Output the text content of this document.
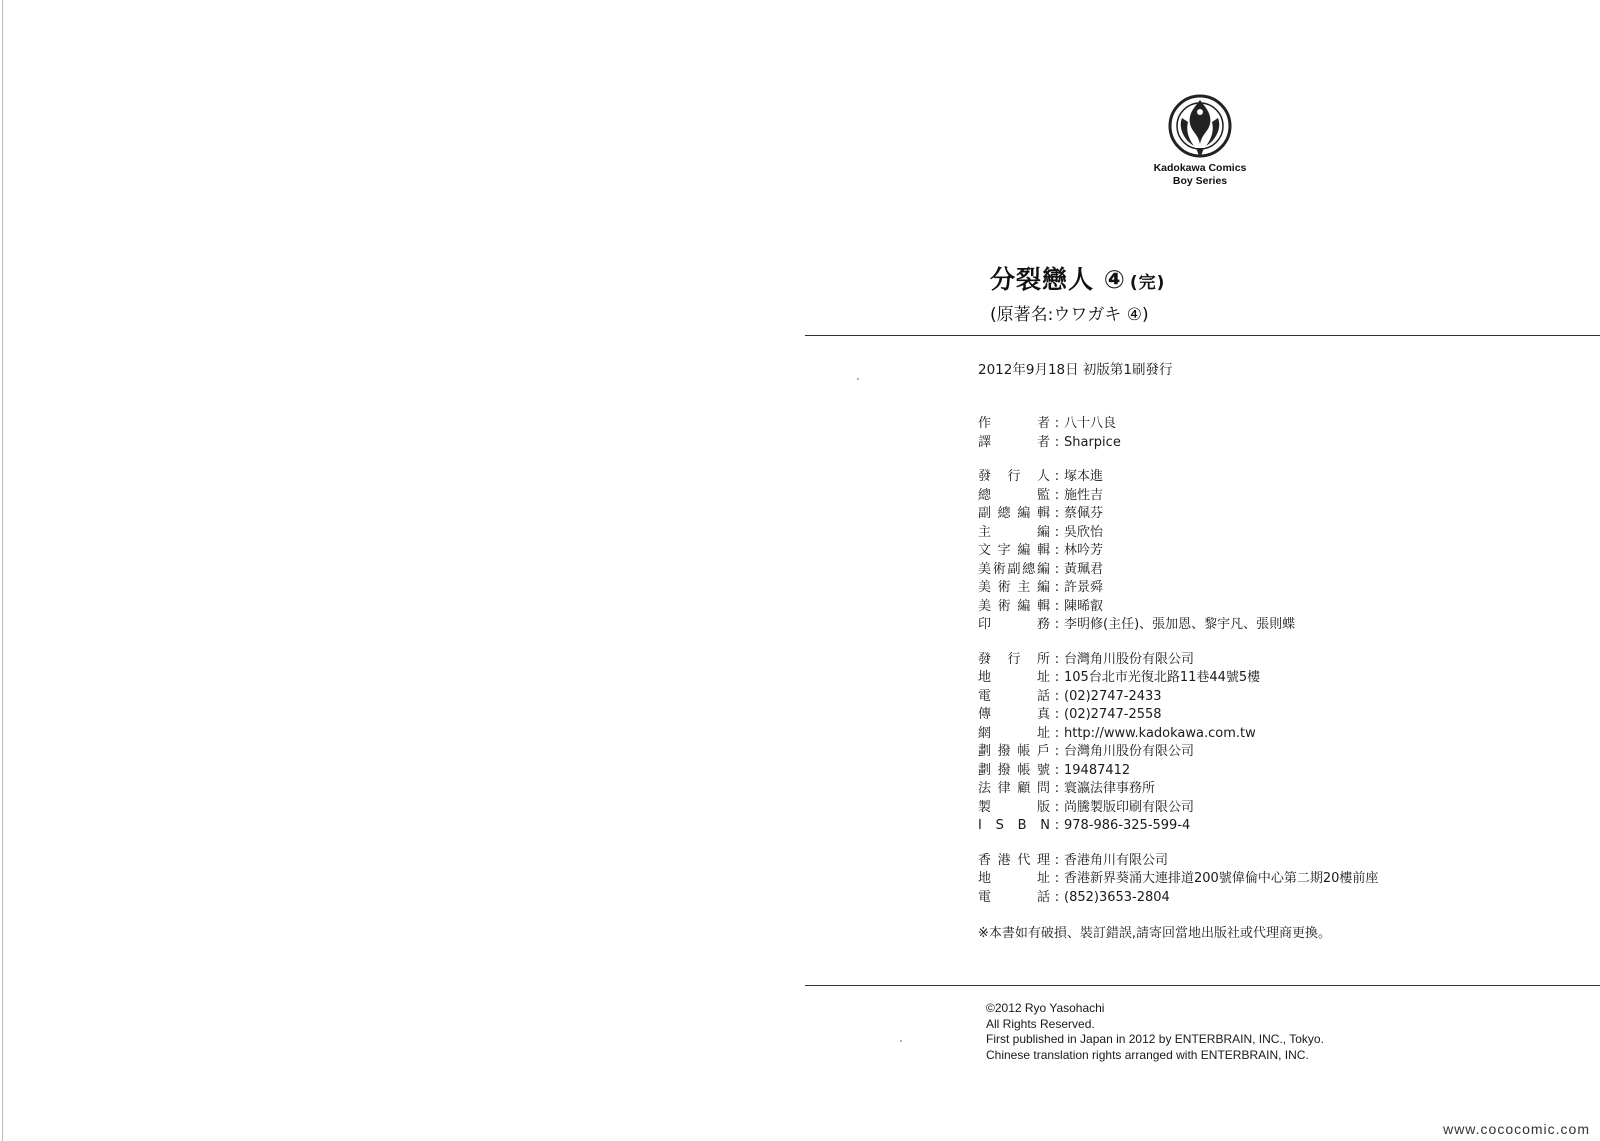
Kadokawa Comics
Boy Series
分裂戀人 ④ (完)
(原著名:ウワガキ ④)
2012年9月18日 初版第1刷發行
作	者 : 八十八良
譯	者 : Sharpice
發 行 人 : 塚本進
總	監 : 施性吉
副 總 編 輯 : 蔡佩芬
主	編 : 吳欣怡
文 字 編 輯 : 林吟芳
美 術 副 總 編 : 黃珮君
美 術 主 編 : 許景舜
美 術 編 輯 : 陳晞叡
印	務 : 李明修(主任)、張加恩、黎宇凡、張則蝶
發 行 所 : 台灣角川股份有限公司
地	址 : 105台北市光復北路11巷44號5樓
電	話 : (02)2747-2433
傳	真 : (02)2747-2558
網	址 : http://www.kadokawa.com.tw
劃 撥 帳 戶 : 台灣角川股份有限公司
劃 撥 帳 號 : 19487412
法 律 顧 問 : 寰瀛法律事務所
製	版 : 尚騰製版印刷有限公司
I S B N : 978-986-325-599-4
香 港 代 理 : 香港角川有限公司
地	址 : 香港新界葵涌大連排道200號偉倫中心第二期20樓前座
電	話 : (852)3653-2804
※本書如有破損、裝訂錯誤,請寄回當地出版社或代理商更換。
©2012 Ryo Yasohachi
All Rights Reserved.
First published in Japan in 2012 by ENTERBRAIN, INC., Tokyo.
Chinese translation rights arranged with ENTERBRAIN, INC.
www.cococomic.com
